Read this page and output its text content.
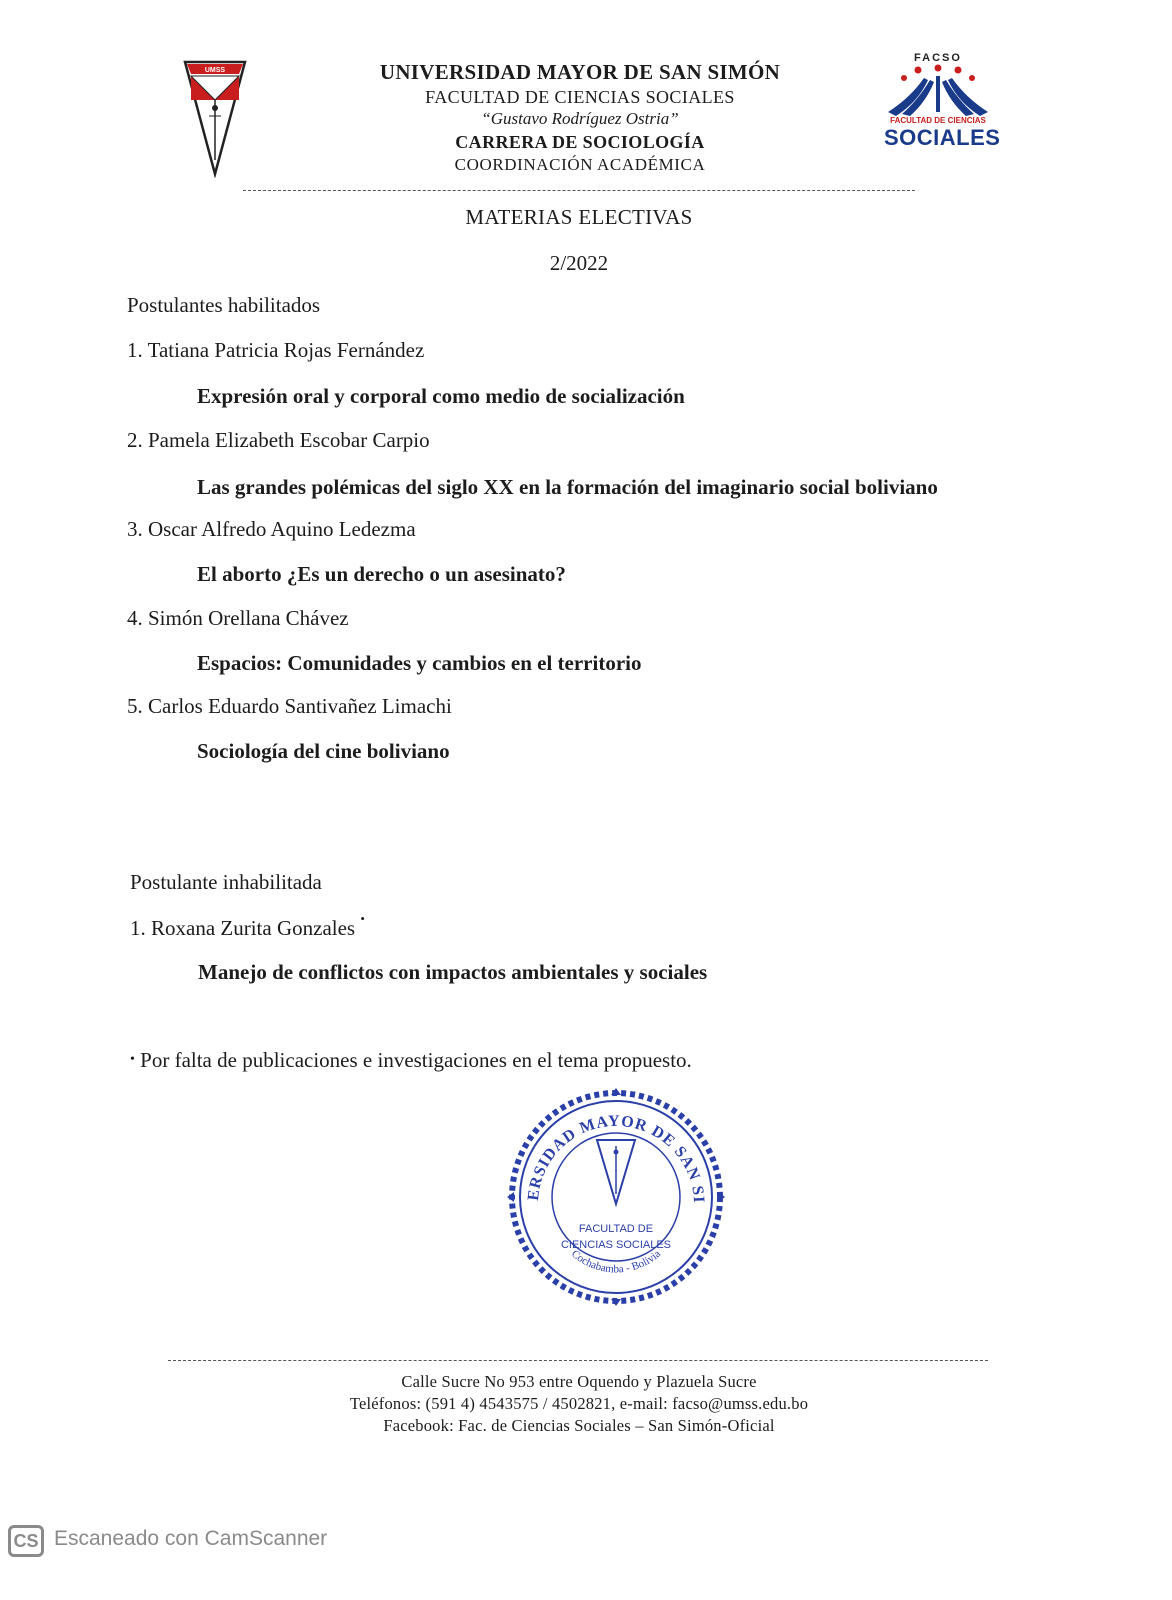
UMSS	UNIVERSIDAD MAYOR DE SAN SIMÓN

FACULTAD DE CIENCIAS SOCIALES

“Gustavo Rodríguez Ostria”

CARRERA DE SOCIOLOGÍA

COORDINACIÓN ACADÉMICA

FACSO
FACULTAD DE CIENCIAS
SOCIALES
MATERIAS ELECTIVAS
2/2022
Postulantes habilitados
1. Tatiana Patricia Rojas Fernández
Expresión oral y corporal como medio de socialización
2. Pamela Elizabeth Escobar Carpio
Las grandes polémicas del siglo XX en la formación del imaginario social boliviano
3. Oscar Alfredo Aquino Ledezma
El aborto ¿Es un derecho o un asesinato?
4. Simón Orellana Chávez
Espacios: Comunidades y cambios en el territorio
5. Carlos Eduardo Santivañez Limachi
Sociología del cine boliviano
Postulante inhabilitada
1. Roxana Zurita Gonzales •
Manejo de conflictos con impactos ambientales y sociales
• Por falta de publicaciones e investigaciones en el tema propuesto.
ERSIDAD MAYOR DE SAN SI
FACULTAD DE
CIENCIAS SOCIALES
Cochabamba - Bolivia
Calle Sucre No 953 entre Oquendo y Plazuela Sucre
Teléfonos: (591 4) 4543575 / 4502821, e-mail: facso@umss.edu.bo
Facebook: Fac. de Ciencias Sociales – San Simón-Oficial
CS Escaneado con CamScanner
